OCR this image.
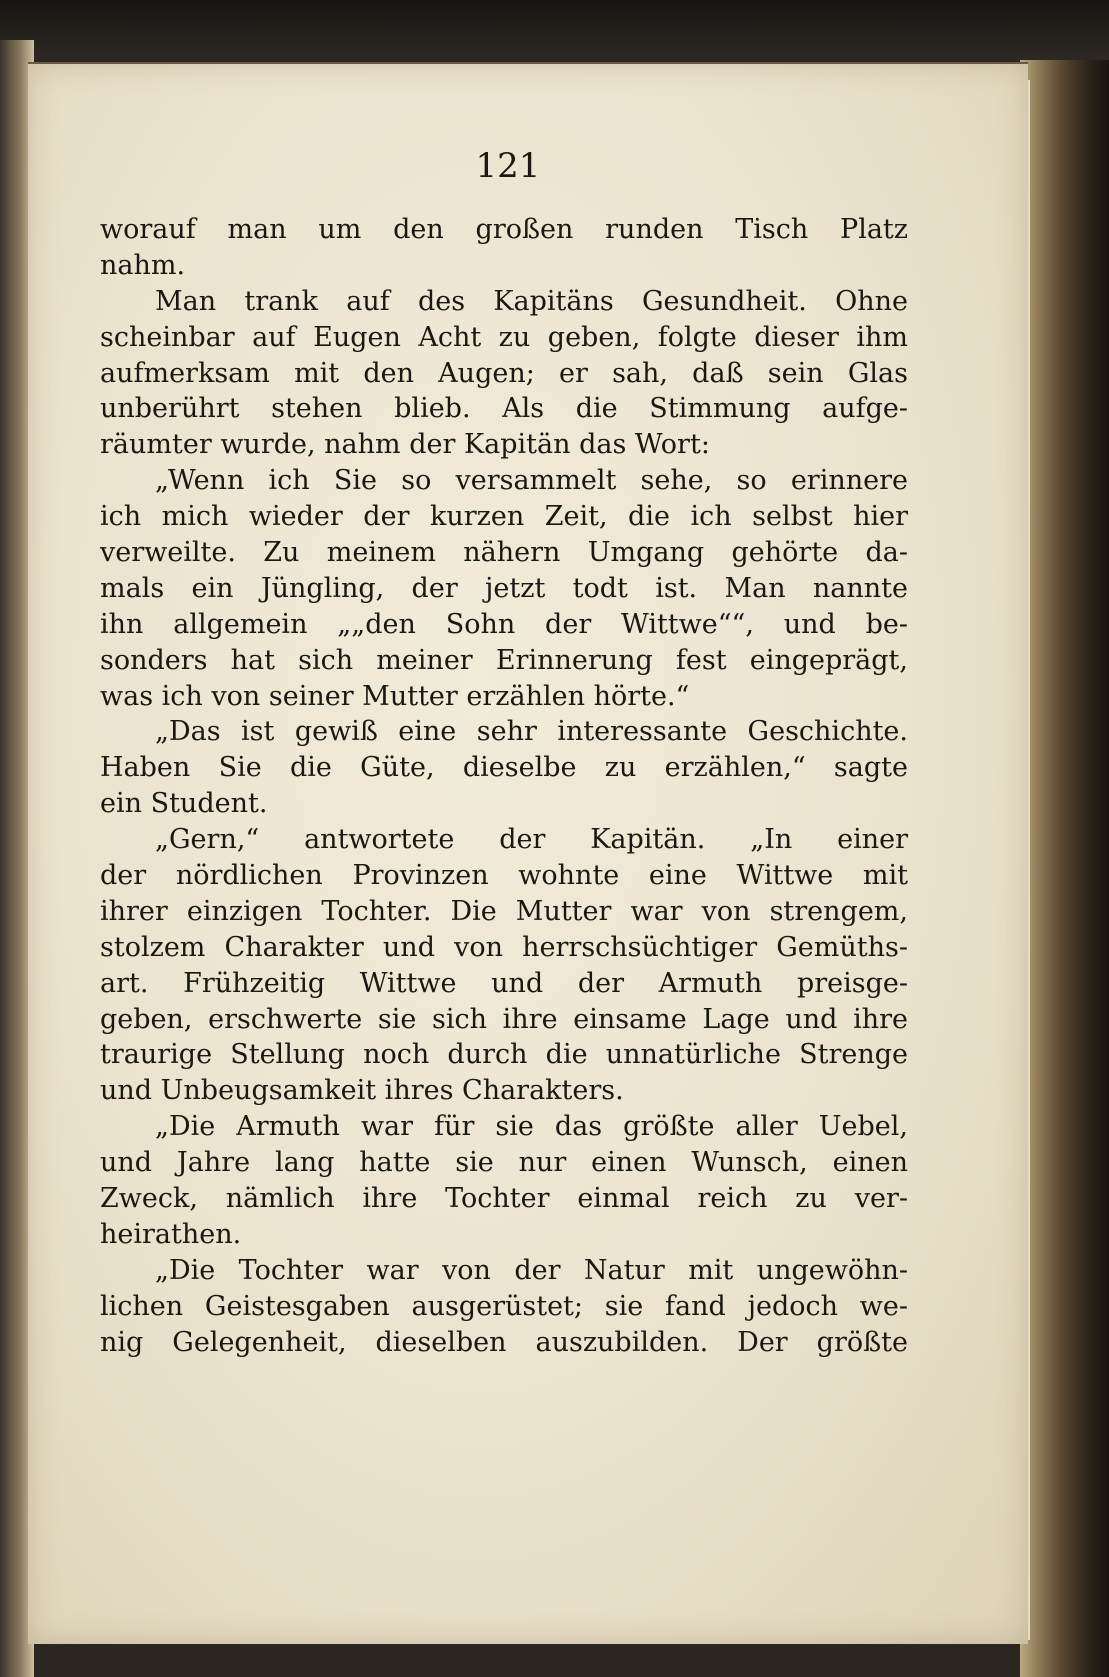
121
worauf man um den großen runden Tisch Platz
nahm.
Man trank auf des Kapitäns Gesundheit. Ohne
scheinbar auf Eugen Acht zu geben, folgte dieser ihm
aufmerksam mit den Augen; er sah, daß sein Glas
unberührt stehen blieb. Als die Stimmung aufge-
räumter wurde, nahm der Kapitän das Wort:
„Wenn ich Sie so versammelt sehe, so erinnere
ich mich wieder der kurzen Zeit, die ich selbst hier
verweilte. Zu meinem nähern Umgang gehörte da-
mals ein Jüngling, der jetzt todt ist. Man nannte
ihn allgemein „„den Sohn der Wittwe““, und be-
sonders hat sich meiner Erinnerung fest eingeprägt,
was ich von seiner Mutter erzählen hörte.“
„Das ist gewiß eine sehr interessante Geschichte.
Haben Sie die Güte, dieselbe zu erzählen,“ sagte
ein Student.
„Gern,“ antwortete der Kapitän. „In einer
der nördlichen Provinzen wohnte eine Wittwe mit
ihrer einzigen Tochter. Die Mutter war von strengem,
stolzem Charakter und von herrschsüchtiger Gemüths-
art. Frühzeitig Wittwe und der Armuth preisge-
geben, erschwerte sie sich ihre einsame Lage und ihre
traurige Stellung noch durch die unnatürliche Strenge
und Unbeugsamkeit ihres Charakters.
„Die Armuth war für sie das größte aller Uebel,
und Jahre lang hatte sie nur einen Wunsch, einen
Zweck, nämlich ihre Tochter einmal reich zu ver-
heirathen.
„Die Tochter war von der Natur mit ungewöhn-
lichen Geistesgaben ausgerüstet; sie fand jedoch we-
nig Gelegenheit, dieselben auszubilden. Der größte
